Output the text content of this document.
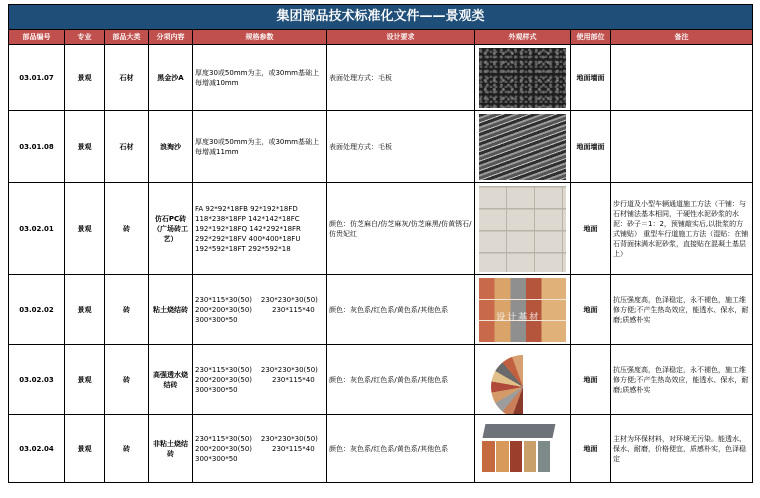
集团部品技术标准化文件——景观类								
部品编号	专业	部品大类	分项内容	规格参数	设计要求	外观样式	使用部位	备注
03.01.07	景观	石材	黑金沙A	厚度30或50mm为主，或30mm基础上每增减10mm	表面处理方式：毛板		地面墙面	
03.01.08	景观	石材	浪淘沙	厚度30或50mm为主，或30mm基础上每增减11mm	表面处理方式：毛板		地面墙面	
03.02.01	景观	砖	仿石PC砖（广场砖工艺）	FA 92*92*18FB 92*192*18FD
118*238*18FP 142*142*18FC
192*192*18FQ 142*292*18FR
292*292*18FV 400*400*18FU
192*592*18FT 292*592*18	颜色：仿芝麻白/仿芝麻灰/仿芝麻黑/仿黄锈石/仿贵妃红		地面	步行道及小型车辆通道施工方法（干铺：与石材铺法基本相同，干硬性水泥砂浆的水泥：砂子＝1：2，预铺敲实后,以批浆的方式铺贴） 重型车行道施工方法（湿贴：在铺石背面抹满水泥砂浆，直接贴在混凝土基层上）
03.02.02	景观	砖	粘土烧结砖	230*115*30(50)    230*230*30(50)
200*200*30(50)         230*115*40
300*300*50	颜色：灰色系/红色系/黄色系/其他色系	设计基材	地面	抗压强度高，色泽稳定，永不褪色，施工维修方便;不产生热岛效应，能透水、保水，耐磨;质感朴实
03.02.03	景观	砖	高强透水烧结砖	230*115*30(50)    230*230*30(50)
200*200*30(50)         230*115*40
300*300*50	颜色：灰色系/红色系/黄色系/其他色系		地面	抗压强度高，色泽稳定，永不褪色，施工维修方便;不产生热岛效应，能透水、保水，耐磨;质感朴实
03.02.04	景观	砖	非粘土烧结砖	230*115*30(50)    230*230*30(50)
200*200*30(50)         230*115*40
300*300*50	颜色：灰色系/红色系/黄色系/其他色系		地面	主材为环保材料，对环境无污染。能透水、保水、耐磨，价格便宜，质感朴实，色泽稳定
